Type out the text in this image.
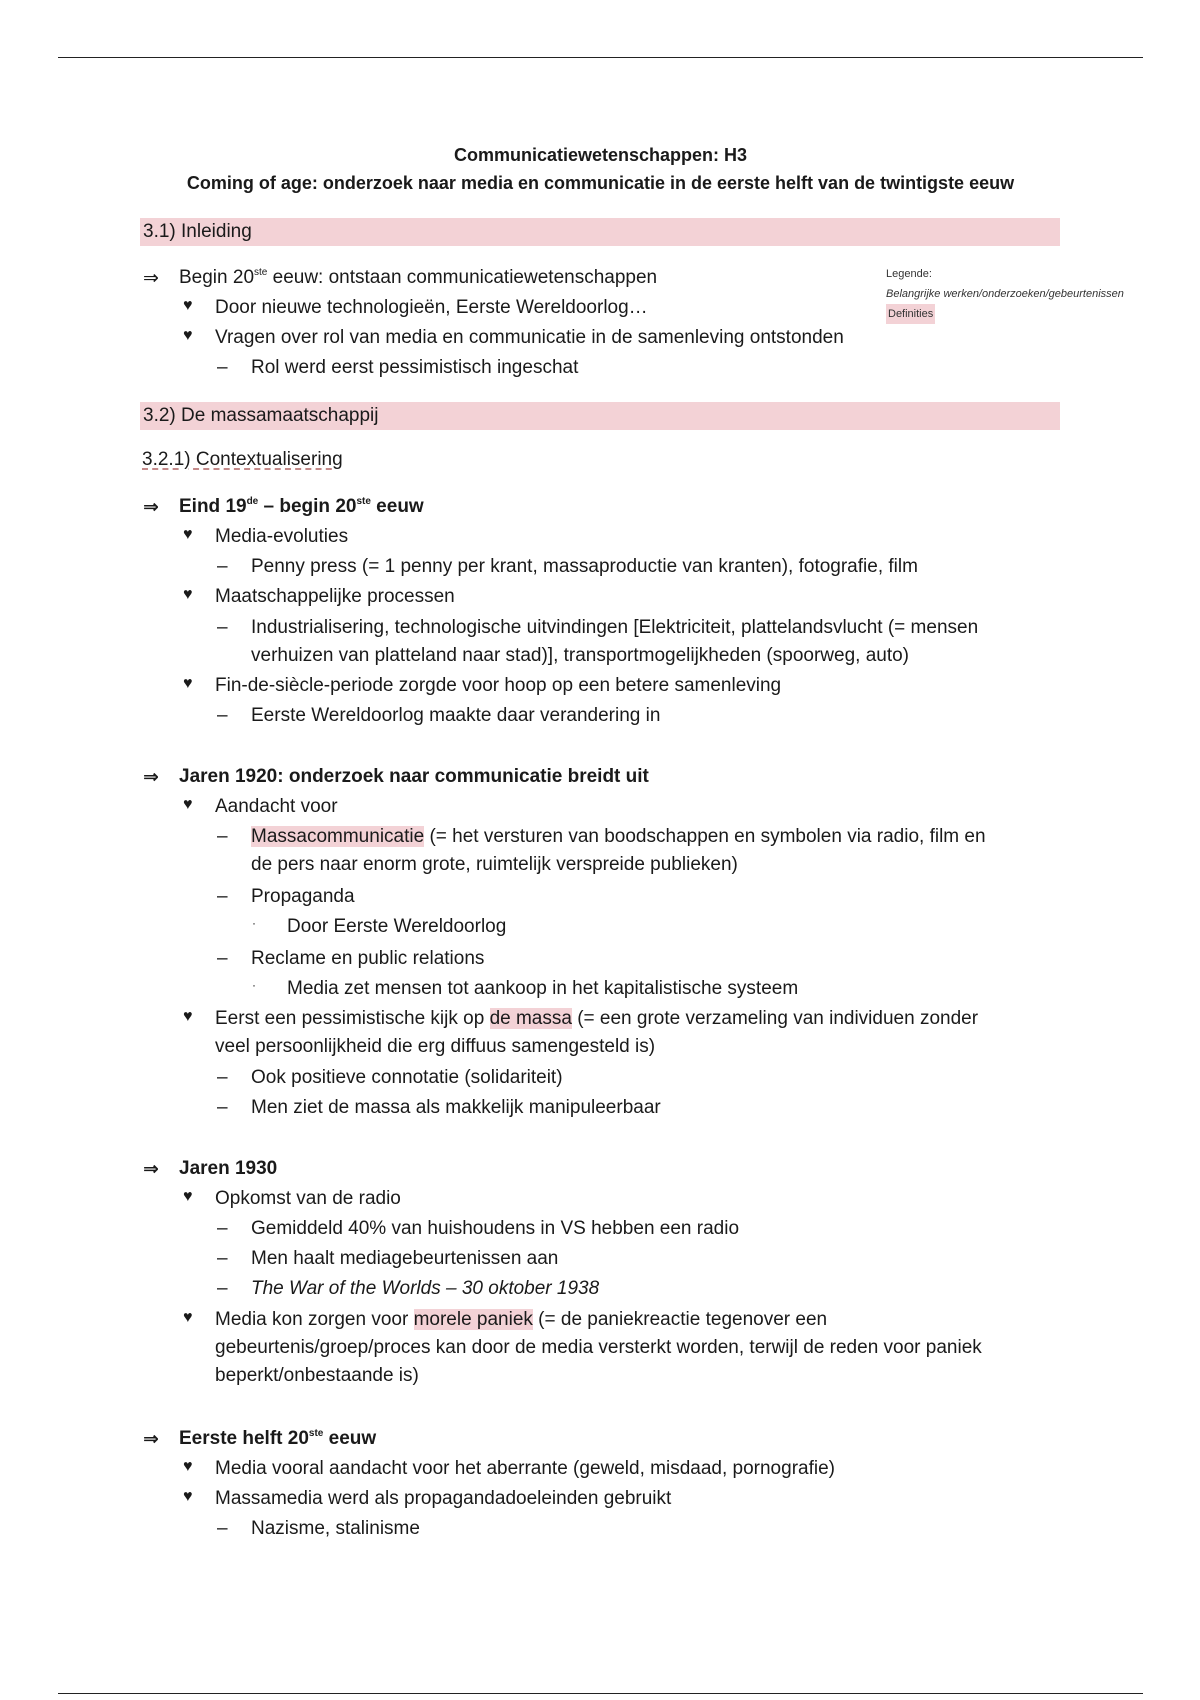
Communicatiewetenschappen: H3
Coming of age: onderzoek naar media en communicatie in de eerste helft van de twintigste eeuw
3.1) Inleiding
Legende:
Belangrijke werken/onderzoeken/gebeurtenissen
Definities
⇒ Begin 20ste eeuw: ontstaan communicatiewetenschappen
♥ Door nieuwe technologieën, Eerste Wereldoorlog…
♥ Vragen over rol van media en communicatie in de samenleving ontstonden
– Rol werd eerst pessimistisch ingeschat
3.2) De massamaatschappij
3.2.1) Contextualisering
⇒ Eind 19de – begin 20ste eeuw
♥ Media-evoluties
– Penny press (= 1 penny per krant, massaproductie van kranten), fotografie, film
♥ Maatschappelijke processen
– Industrialisering, technologische uitvindingen [Elektriciteit, plattelandsvlucht (= mensen
verhuizen van platteland naar stad)], transportmogelijkheden (spoorweg, auto)
♥ Fin-de-siècle-periode zorgde voor hoop op een betere samenleving
– Eerste Wereldoorlog maakte daar verandering in
⇒ Jaren 1920: onderzoek naar communicatie breidt uit
♥ Aandacht voor
– Massacommunicatie (= het versturen van boodschappen en symbolen via radio, film en
de pers naar enorm grote, ruimtelijk verspreide publieken)
– Propaganda
· Door Eerste Wereldoorlog
– Reclame en public relations
· Media zet mensen tot aankoop in het kapitalistische systeem
♥ Eerst een pessimistische kijk op de massa (= een grote verzameling van individuen zonder
veel persoonlijkheid die erg diffuus samengesteld is)
– Ook positieve connotatie (solidariteit)
– Men ziet de massa als makkelijk manipuleerbaar
⇒ Jaren 1930
♥ Opkomst van de radio
– Gemiddeld 40% van huishoudens in VS hebben een radio
– Men haalt mediagebeurtenissen aan
– The War of the Worlds – 30 oktober 1938
♥ Media kon zorgen voor morele paniek (= de paniekreactie tegenover een
gebeurtenis/groep/proces kan door de media versterkt worden, terwijl de reden voor paniek
beperkt/onbestaande is)
⇒ Eerste helft 20ste eeuw
♥ Media vooral aandacht voor het aberrante (geweld, misdaad, pornografie)
♥ Massamedia werd als propagandadoeleinden gebruikt
– Nazisme, stalinisme
